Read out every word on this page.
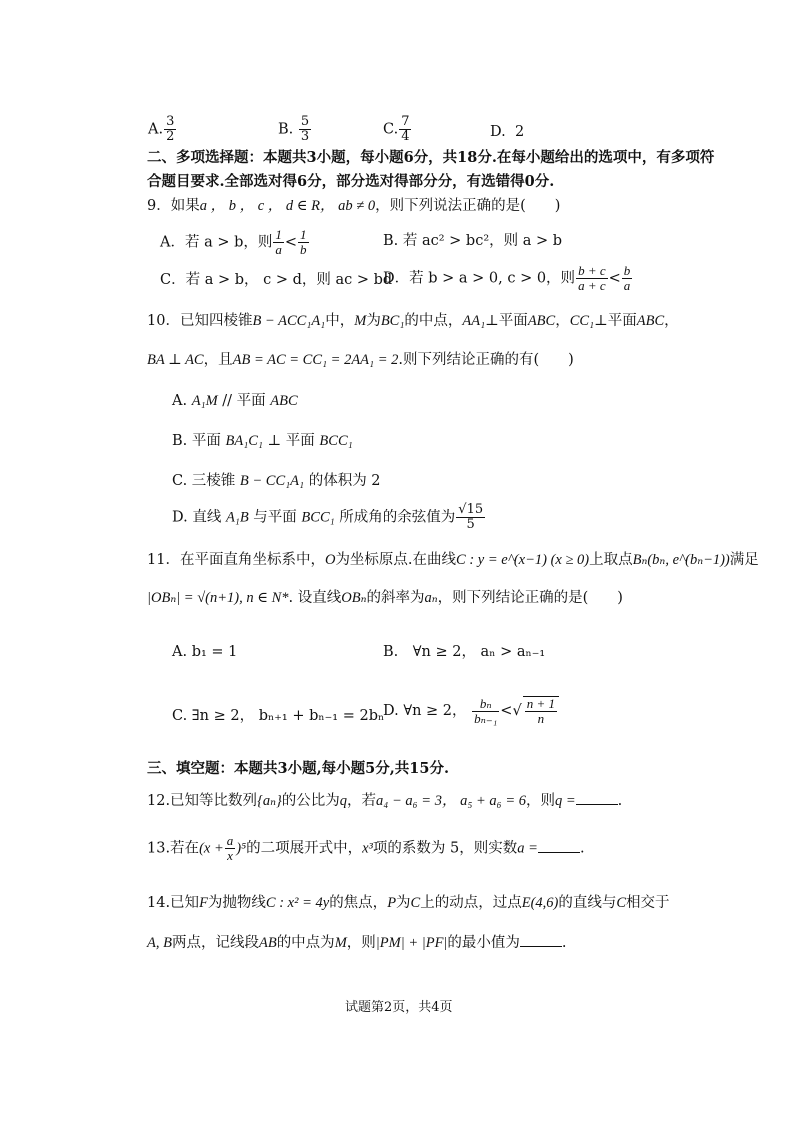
A. $\frac{3}{2}$	B. $\frac{5}{3}$	C. $\frac{7}{4}$	D. 2
二、多项选择题：本题共3小题，每小题6分，共18分.在每小题给出的选项中，有多项符
合题目要求.全部选对得6分，部分选对得部分分，有选错得0分.
9．如果a ， b ， c ， d ∈ R， ab ≠ 0，则下列说法正确的是(　　)
A．若 a > b，则 $\frac{1}{a} < \frac{1}{b}$	B. 若 ac² > bc²，则 a > b
C．若 a > b， c > d，则 ac > bd
D．若 b > a > 0, c > 0，则 $\frac{b + c}{a + c} < \frac{b}{a}$
10．已知四棱锥B − ACC₁A₁中，M为BC₁的中点，AA₁⊥平面ABC，CC₁⊥平面ABC，
BA ⊥ AC，且AB = AC = CC₁ = 2AA₁ = 2.则下列结论正确的有(　　)
A. A₁M // 平面 ABC
B. 平面 BA₁C₁ ⊥ 平面 BCC₁
C. 三棱锥 B − CC₁A₁ 的体积为 2
D. 直线 A₁B 与平面 BCC₁ 所成角的余弦值为 $\frac{√15}{5}$
11．在平面直角坐标系中，O为坐标原点.在曲线C : y = e^(x−1) (x ≥ 0)上取点Bₙ(bₙ, e^(bₙ−1))满足
|OBₙ| = √(n+1), n ∈ N*. 设直线OBₙ的斜率为aₙ，则下列结论正确的是(　　)
A. b₁ = 1	B.　∀n ≥ 2， aₙ > aₙ₋₁
C. ∃n ≥ 2， bₙ₊₁ + bₙ₋₁ = 2bₙ
D. ∀n ≥ 2， $\frac{\text{bₙ}}{\text{bₙ₋₁}}$ <√ $\frac{n + 1}{n}$
三、填空题：本题共3小题,每小题5分,共15分.
12.已知等比数列{aₙ}的公比为q，若a₄ − a₆ = 3， a₅ + a₆ = 6，则q =	.
13.若在$(x + \frac{a}{x} )^5$的二项展开式中，x³项的系数为 5，则实数a =	.
14.已知F为抛物线C : x² = 4y的焦点，P为C上的动点，过点E(4,6)的直线与C相交于
A, B两点，记线段AB的中点为M，则|PM| + |PF|的最小值为	.
试题第2页，共4页
